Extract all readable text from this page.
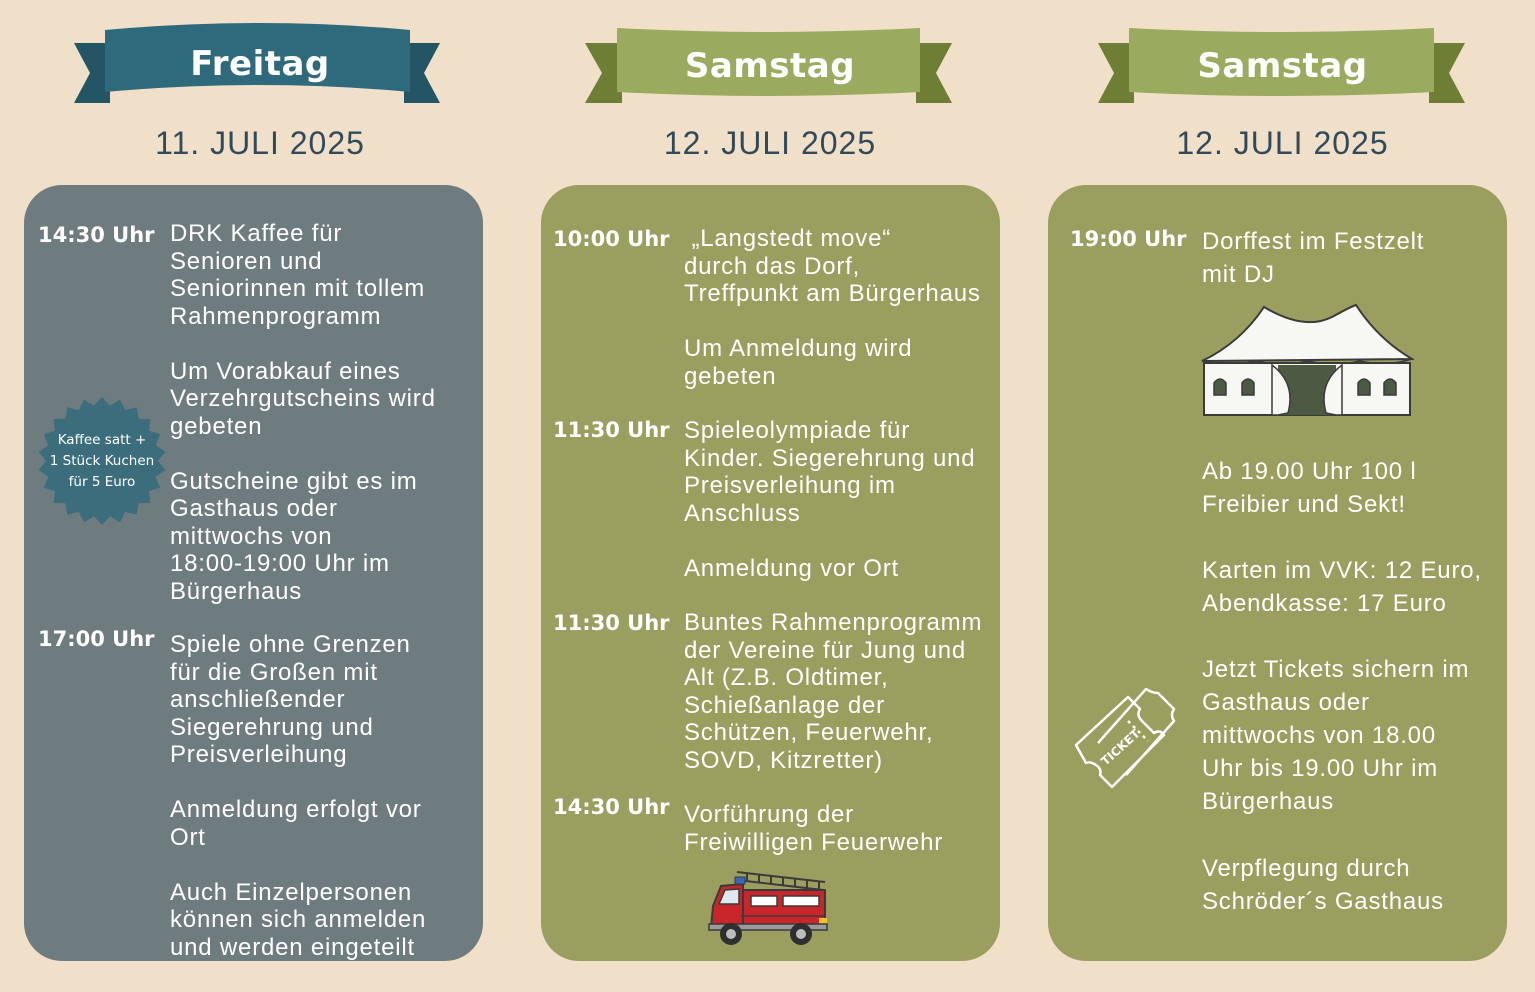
Freitag
11. JULI 2025
14:30 Uhr DRK Kaffee für
Senioren und
Seniorinnen mit tollem
Rahmenprogramm
Um Vorabkauf eines
Verzehrgutscheins wird
gebeten
Gutscheine gibt es im
Gasthaus oder
mittwochs von
18:00-19:00 Uhr im
Bürgerhaus
17:00 Uhr Spiele ohne Grenzen
für die Großen mit
anschließender
Siegerehrung und
Preisverleihung
Anmeldung erfolgt vor
Ort
Auch Einzelpersonen
können sich anmelden
und werden eingeteilt
Kaffee satt +
1 Stück Kuchen
für 5 Euro
Samstag
12. JULI 2025
10:00 Uhr „Langstedt move“
durch das Dorf,
Treffpunkt am Bürgerhaus
Um Anmeldung wird
gebeten
11:30 Uhr Spieleolympiade für
Kinder. Siegerehrung und
Preisverleihung im
Anschluss
Anmeldung vor Ort
11:30 Uhr Buntes Rahmenprogramm
der Vereine für Jung und
Alt (Z.B. Oldtimer,
Schießanlage der
Schützen, Feuerwehr,
SOVD, Kitzretter)
14:30 Uhr Vorführung der
Freiwilligen Feuerwehr
Samstag
12. JULI 2025
19:00 Uhr Dorffest im Festzelt
mit DJ
Ab 19.00 Uhr 100 l
Freibier und Sekt!
Karten im VVK: 12 Euro,
Abendkasse: 17 Euro
Jetzt Tickets sichern im
Gasthaus oder
mittwochs von 18.00
Uhr bis 19.00 Uhr im
Bürgerhaus
Verpflegung durch
Schröder´s Gasthaus
TICKET
